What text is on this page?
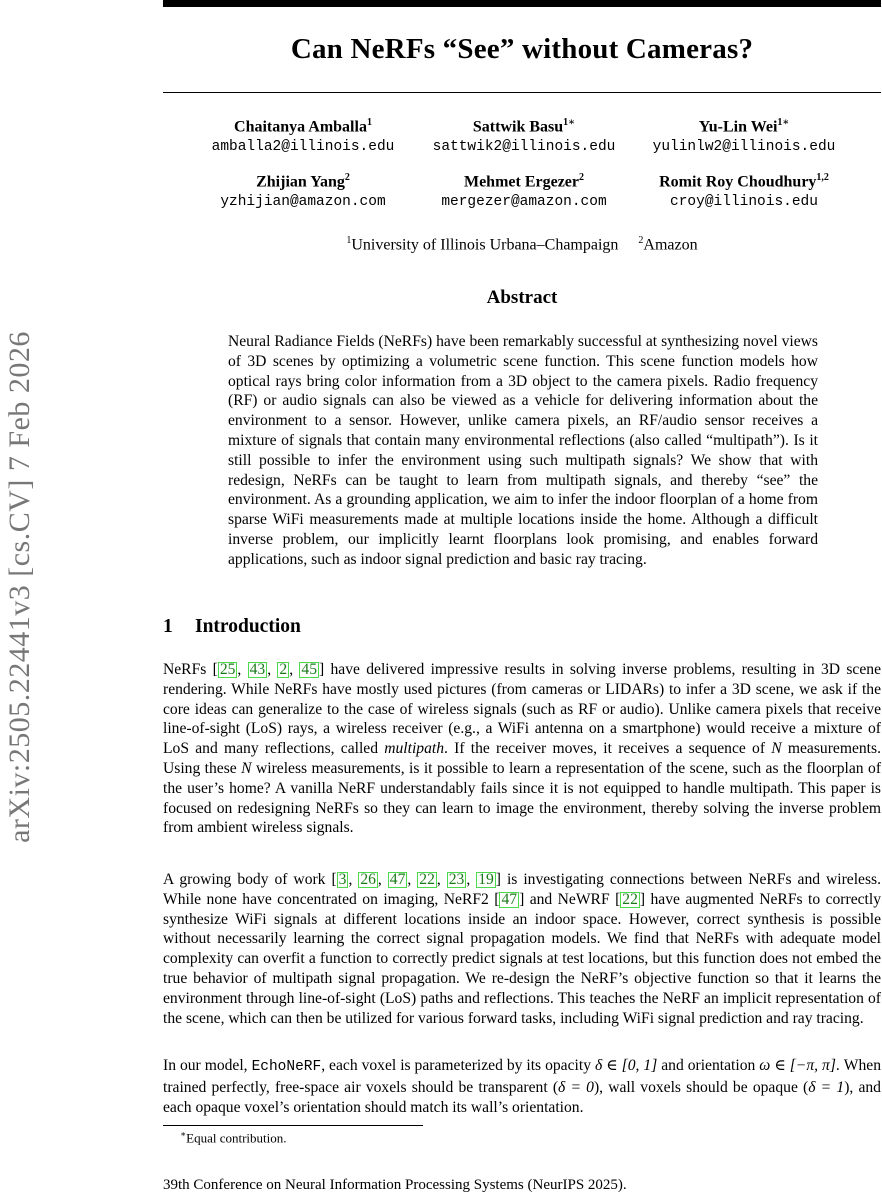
arXiv:2505.22441v3 [cs.CV] 7 Feb 2026
Can NeRFs “See” without Cameras?
Chaitanya Amballa$^1$
amballa2@illinois.edu
Sattwik Basu$^{1∗}$
sattwik2@illinois.edu
Yu-Lin Wei$^{1∗}$
yulinlw2@illinois.edu
Zhijian Yang$^2$
yzhijian@amazon.com
Mehmet Ergezer$^2$
mergezer@amazon.com
Romit Roy Choudhury$^{1,2}$
croy@illinois.edu
$^1$University of Illinois Urbana–Champaign $^2$Amazon
Abstract

Neural Radiance Fields (NeRFs) have been remarkably successful at synthesizing novel views of 3D scenes by optimizing a volumetric scene function. This scene function models how optical rays bring color information from a 3D object to the camera pixels. Radio frequency (RF) or audio signals can also be viewed as a vehicle for delivering information about the environment to a sensor. However, unlike camera pixels, an RF/audio sensor receives a mixture of signals that contain many environmental reflections (also called “multipath”). Is it still possible to infer the environment using such multipath signals? We show that with redesign, NeRFs can be taught to learn from multipath signals, and thereby “see” the environment. As a grounding application, we aim to infer the indoor floorplan of a home from sparse WiFi measurements made at multiple locations inside the home. Although a difficult inverse problem, our implicitly learnt floorplans look promising, and enables forward applications, such as indoor signal prediction and basic ray tracing.

1 Introduction

NeRFs [ 25 , 43 , 2 , 45 ] have delivered impressive results in solving inverse problems, resulting in 3D scene rendering. While NeRFs have mostly used pictures (from cameras or LIDARs) to infer a 3D scene, we ask if the core ideas can generalize to the case of wireless signals (such as RF or audio). Unlike camera pixels that receive line-of-sight (LoS) rays, a wireless receiver (e.g., a WiFi antenna on a smartphone) would receive a mixture of LoS and many reflections, called multipath. If the receiver moves, it receives a sequence of N measurements. Using these N wireless measurements, is it possible to learn a representation of the scene, such as the floorplan of the user’s home? A vanilla NeRF understandably fails since it is not equipped to handle multipath. This paper is focused on redesigning NeRFs so they can learn to image the environment, thereby solving the inverse problem from ambient wireless signals.

A growing body of work [ 3 , 26 , 47 , 22 , 23 , 19 ] is investigating connections between NeRFs and wireless. While none have concentrated on imaging, NeRF2 [ 47 ] and NeWRF [ 22 ] have augmented NeRFs to correctly synthesize WiFi signals at different locations inside an indoor space. However, correct synthesis is possible without necessarily learning the correct signal propagation models. We find that NeRFs with adequate model complexity can overfit a function to correctly predict signals at test locations, but this function does not embed the true behavior of multipath signal propagation. We re-design the NeRF’s objective function so that it learns the environment through line-of-sight (LoS) paths and reflections. This teaches the NeRF an implicit representation of the scene, which can then be utilized for various forward tasks, including WiFi signal prediction and ray tracing.

In our model, EchoNeRF, each voxel is parameterized by its opacity δ ∈ [0, 1] and orientation ω ∈ [−π, π]. When trained perfectly, free-space air voxels should be transparent (δ = 0), wall voxels should be opaque (δ = 1), and each opaque voxel’s orientation should match its wall’s orientation.

∗Equal contribution.
39th Conference on Neural Information Processing Systems (NeurIPS 2025).
